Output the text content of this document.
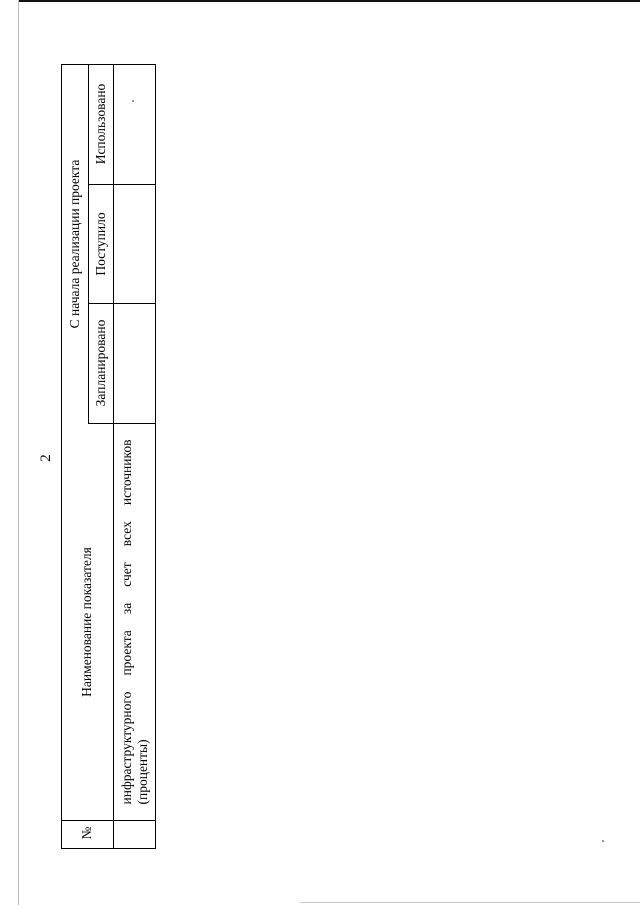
2
№
Наименование показателя
С начала реализации проекта
Запланировано
Поступило
Использовано
инфраструктурного проекта за счет всех источников (проценты)
